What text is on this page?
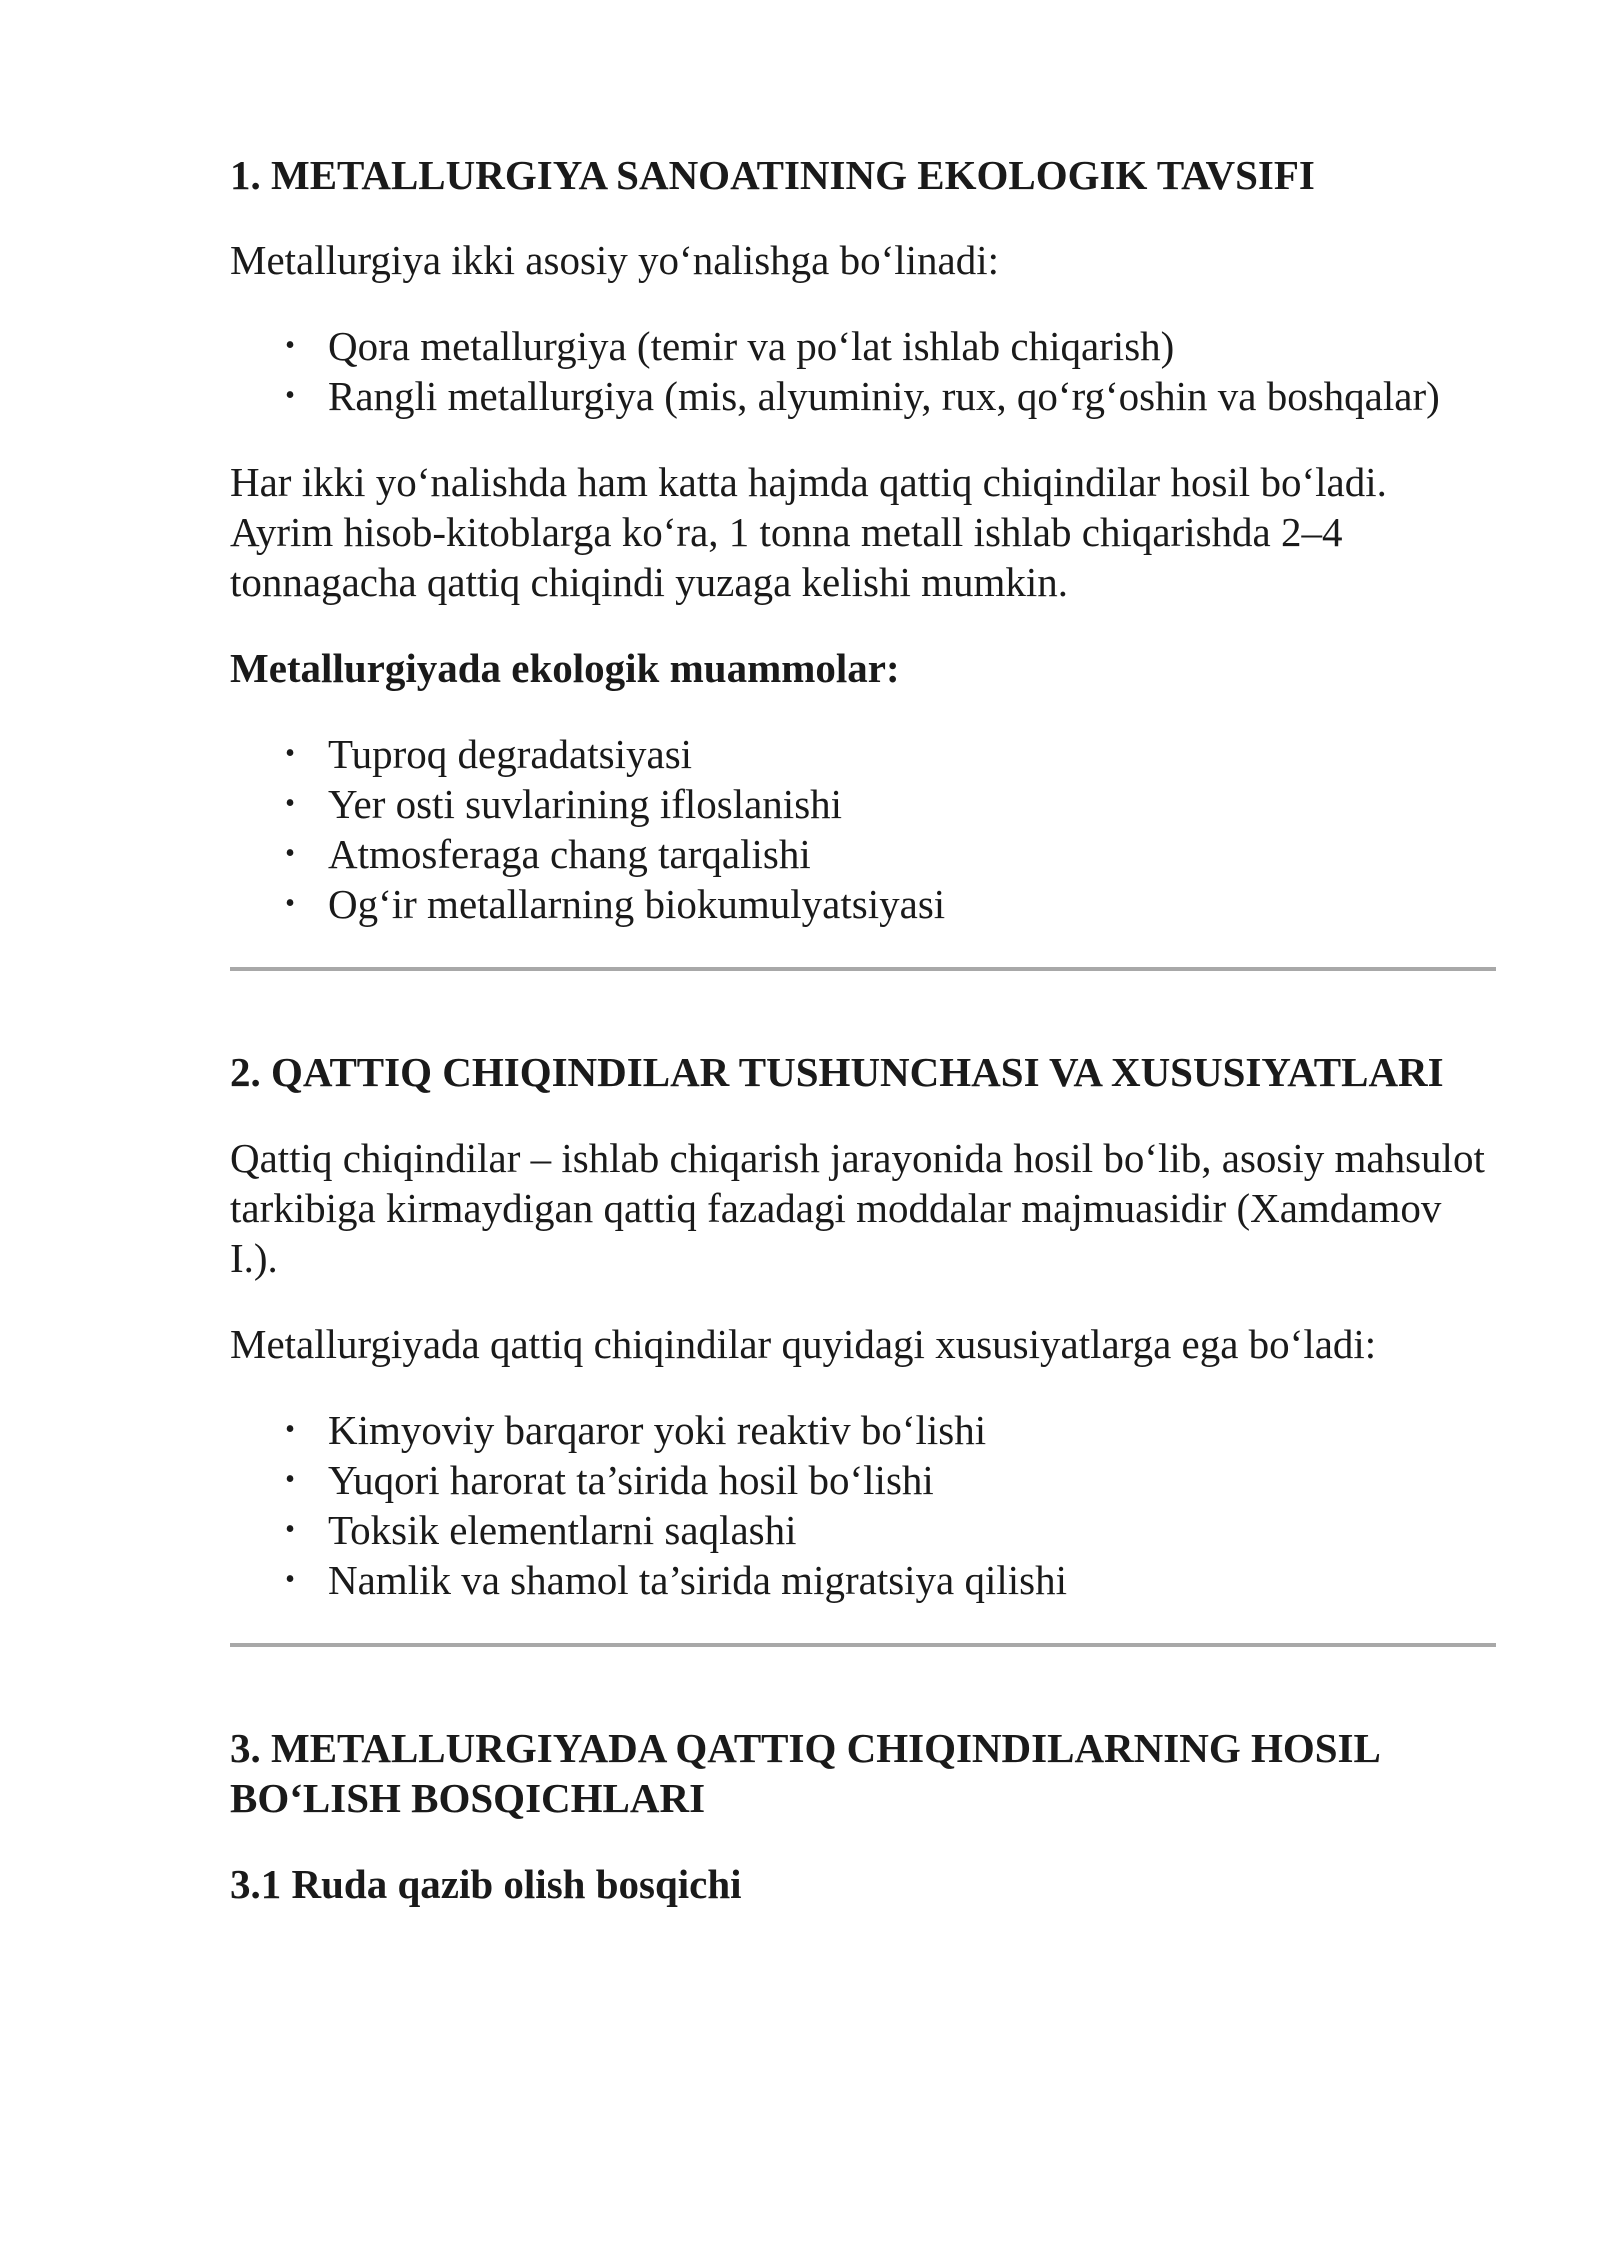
1. METALLURGIYA SANOATINING EKOLOGIK TAVSIFI

Metallurgiya ikki asosiy yo‘nalishga bo‘linadi:

• Qora metallurgiya (temir va po‘lat ishlab chiqarish)
• Rangli metallurgiya (mis, alyuminiy, rux, qo‘rg‘oshin va boshqalar)

Har ikki yo‘nalishda ham katta hajmda qattiq chiqindilar hosil bo‘ladi. Ayrim hisob-kitoblarga ko‘ra, 1 tonna metall ishlab chiqarishda 2–4 tonnagacha qattiq chiqindi yuzaga kelishi mumkin.

Metallurgiyada ekologik muammolar:
• Tuproq degradatsiyasi
• Yer osti suvlarining ifloslanishi
• Atmosferaga chang tarqalishi
• Og‘ir metallarning biokumulyatsiyasi
2. QATTIQ CHIQINDILAR TUSHUNCHASI VA XUSUSIYATLARI

Qattiq chiqindilar – ishlab chiqarish jarayonida hosil bo‘lib, asosiy mahsulot tarkibiga kirmaydigan qattiq fazadagi moddalar majmuasidir (Xamdamov I.).

Metallurgiyada qattiq chiqindilar quyidagi xususiyatlarga ega bo‘ladi:

• Kimyoviy barqaror yoki reaktiv bo‘lishi
• Yuqori harorat ta’sirida hosil bo‘lishi
• Toksik elementlarni saqlashi
• Namlik va shamol ta’sirida migratsiya qilishi
3. METALLURGIYADA QATTIQ CHIQINDILARNING HOSIL BO‘LISH BOSQICHLARI
3.1 Ruda qazib olish bosqichi
